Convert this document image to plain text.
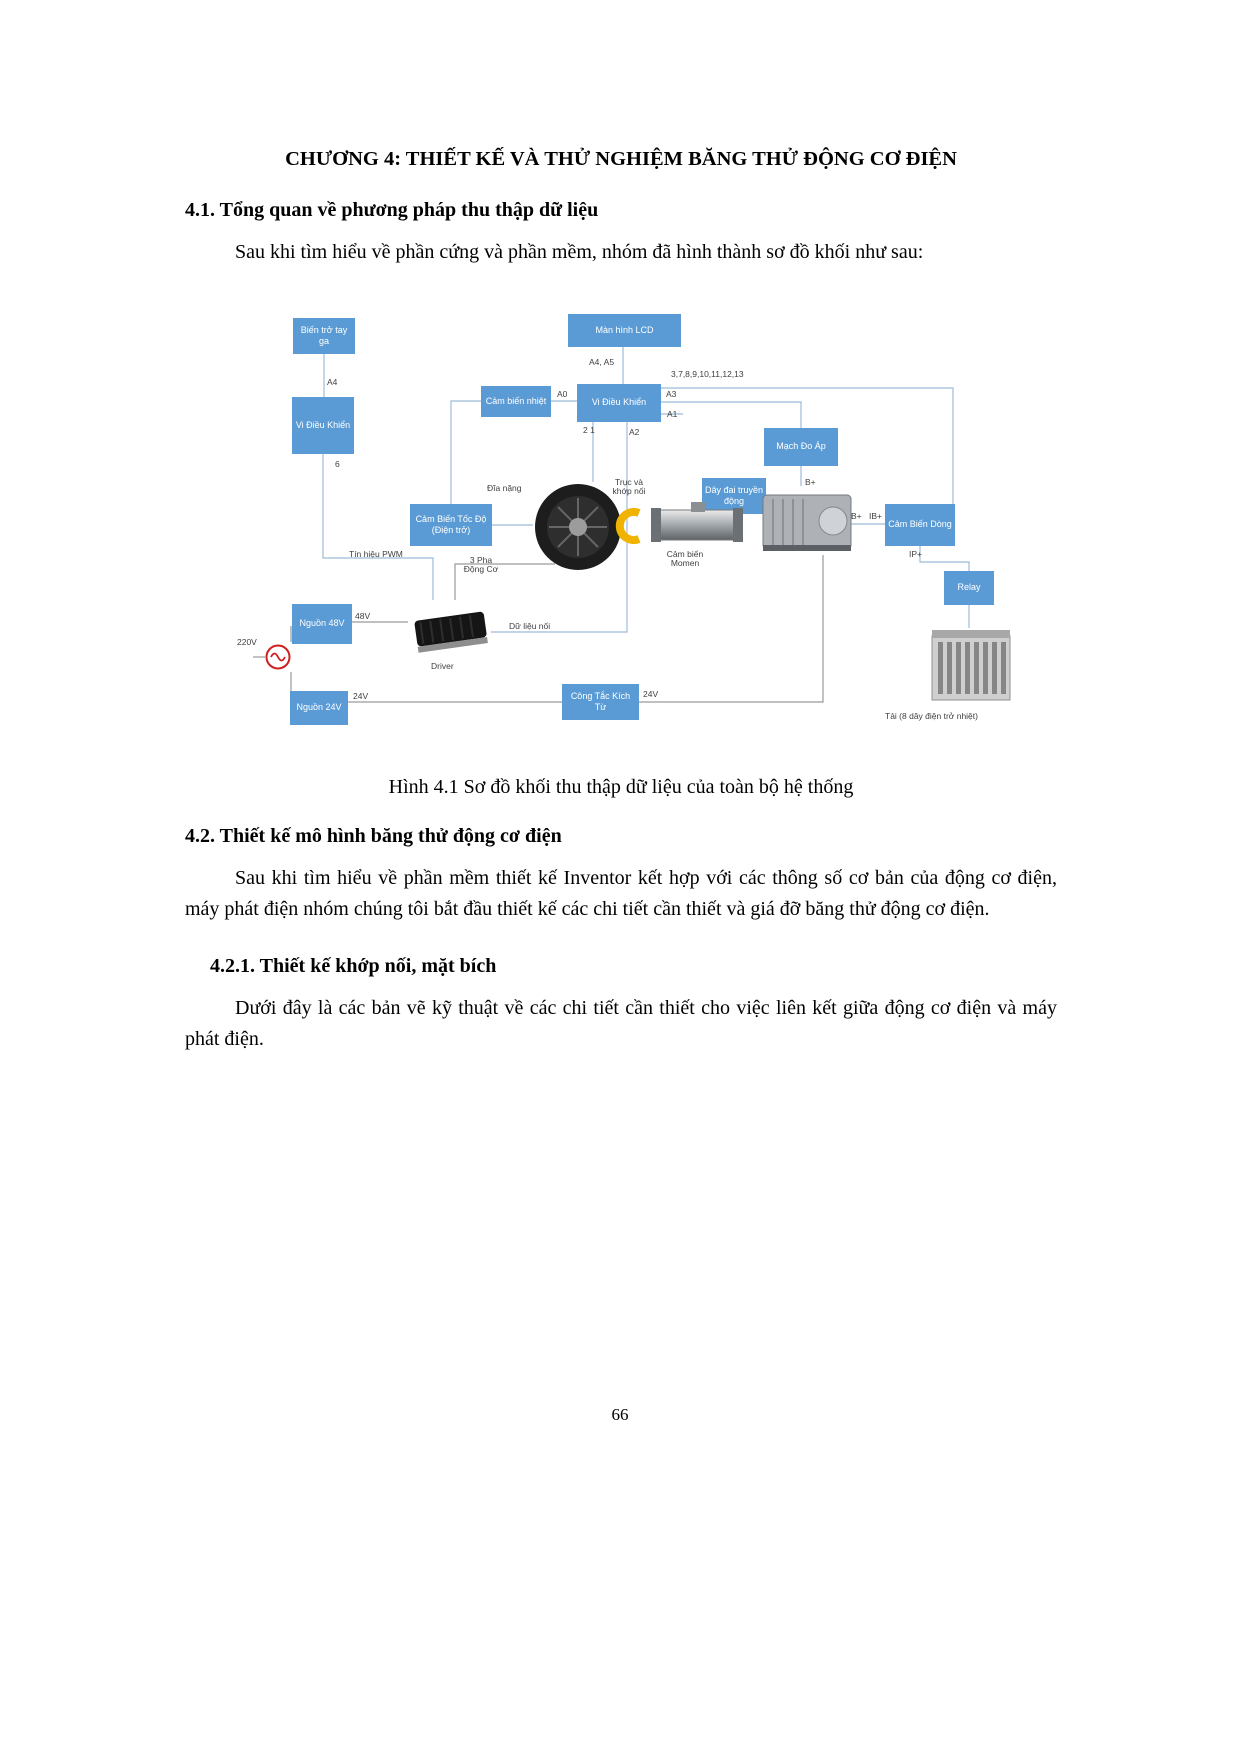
CHƯƠNG 4: THIẾT KẾ VÀ THỬ NGHIỆM BĂNG THỬ ĐỘNG CƠ ĐIỆN

4.1. Tổng quan về phương pháp thu thập dữ liệu

Sau khi tìm hiểu về phần cứng và phần mềm, nhóm đã hình thành sơ đồ khối như sau:

Biến trở tay ga
Vi Điều Khiển
Màn hình LCD
Cảm biến nhiệt	Vi Điều Khiển
Mạch Đo Áp
Cảm Biến Tốc Độ (Điện trở)
Dây đai truyền động
Cảm Biến Dòng
Relay
Nguồn 48V
Nguồn 24V
Công Tắc Kích Từ
A4
A4, A5
3,7,8,9,10,11,12,13
A0	A3
A1
2 1	A2
6
Tín hiệu PWM
3 Pha Động Cơ
Đĩa nặng
Trục và khớp nối
Cảm biến Momen
B+
B+ IB+
IP+
48V
220V
24V	24V
Dữ liệu nối
Driver
Tải (8 dây điện trở nhiệt)

Hình 4.1 Sơ đồ khối thu thập dữ liệu của toàn bộ hệ thống

4.2. Thiết kế mô hình băng thử động cơ điện

Sau khi tìm hiểu về phần mềm thiết kế Inventor kết hợp với các thông số cơ bản của động cơ điện, máy phát điện nhóm chúng tôi bắt đầu thiết kế các chi tiết cần thiết và giá đỡ băng thử động cơ điện.

4.2.1. Thiết kế khớp nối, mặt bích

Dưới đây là các bản vẽ kỹ thuật về các chi tiết cần thiết cho việc liên kết giữa động cơ điện và máy phát điện.

66
